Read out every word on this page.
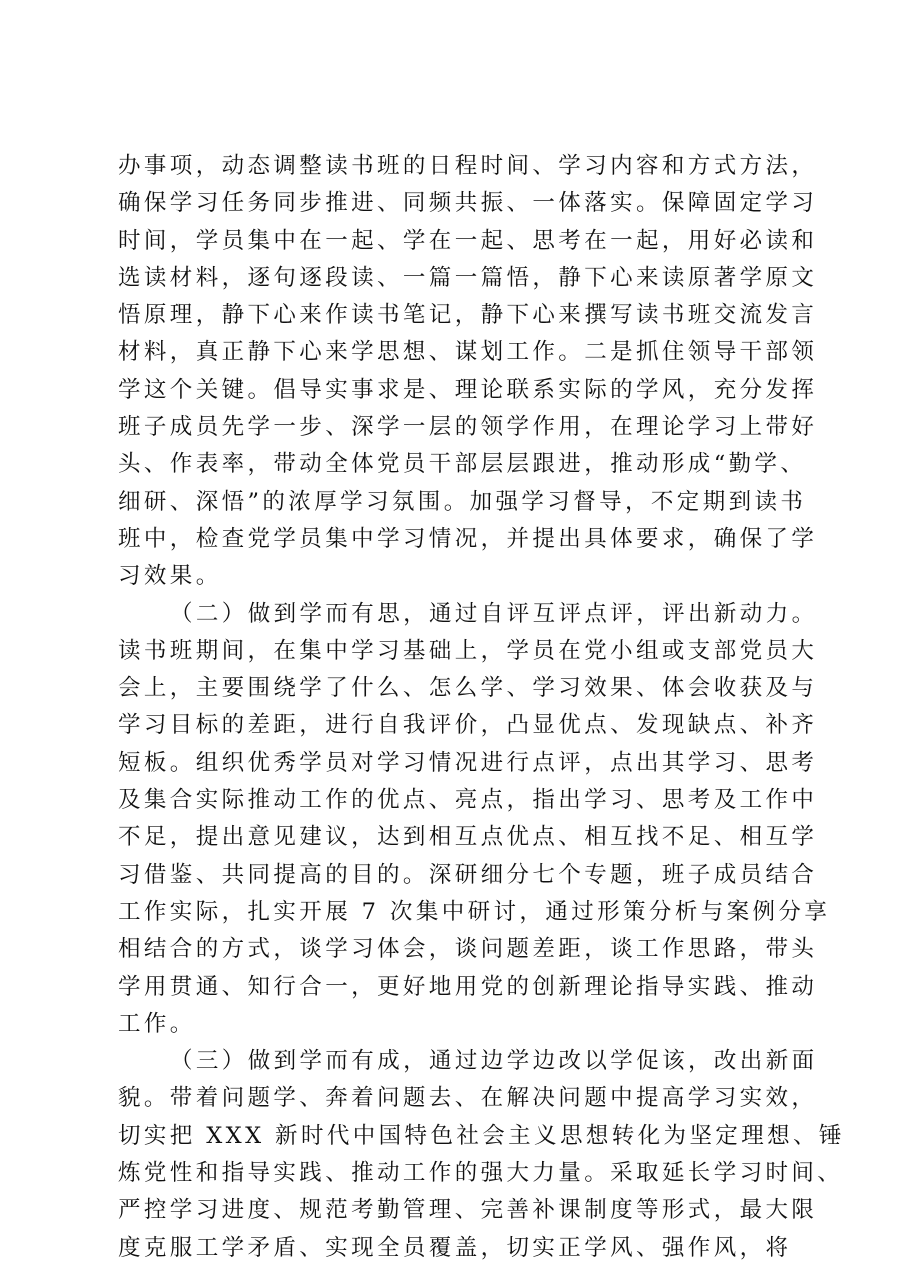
办事项，动态调整读书班的日程时间、学习内容和方式方法，
确保学习任务同步推进、同频共振、一体落实。保障固定学习
时间，学员集中在一起、学在一起、思考在一起，用好必读和
选读材料，逐句逐段读、一篇一篇悟，静下心来读原著学原文
悟原理，静下心来作读书笔记，静下心来撰写读书班交流发言
材料，真正静下心来学思想、谋划工作。二是抓住领导干部领
学这个关键。倡导实事求是、理论联系实际的学风，充分发挥
班子成员先学一步、深学一层的领学作用，在理论学习上带好
头、作表率，带动全体党员干部层层跟进，推动形成“勤学、
细研、深悟”的浓厚学习氛围。加强学习督导，不定期到读书
班中，检查党学员集中学习情况，并提出具体要求，确保了学
习效果。
（二）做到学而有思，通过自评互评点评，评出新动力。
读书班期间，在集中学习基础上，学员在党小组或支部党员大
会上，主要围绕学了什么、怎么学、学习效果、体会收获及与
学习目标的差距，进行自我评价，凸显优点、发现缺点、补齐
短板。组织优秀学员对学习情况进行点评，点出其学习、思考
及集合实际推动工作的优点、亮点，指出学习、思考及工作中
不足，提出意见建议，达到相互点优点、相互找不足、相互学
习借鉴、共同提高的目的。深研细分七个专题，班子成员结合
工作实际，扎实开展 7 次集中研讨，通过形策分析与案例分享
相结合的方式，谈学习体会，谈问题差距，谈工作思路，带头
学用贯通、知行合一，更好地用党的创新理论指导实践、推动
工作。
（三）做到学而有成，通过边学边改以学促该，改出新面
貌。带着问题学、奔着问题去、在解决问题中提高学习实效，
切实把 XXX 新时代中国特色社会主义思想转化为坚定理想、锤
炼党性和指导实践、推动工作的强大力量。采取延长学习时间、
严控学习进度、规范考勤管理、完善补课制度等形式，最大限
度克服工学矛盾、实现全员覆盖，切实正学风、强作风，将
